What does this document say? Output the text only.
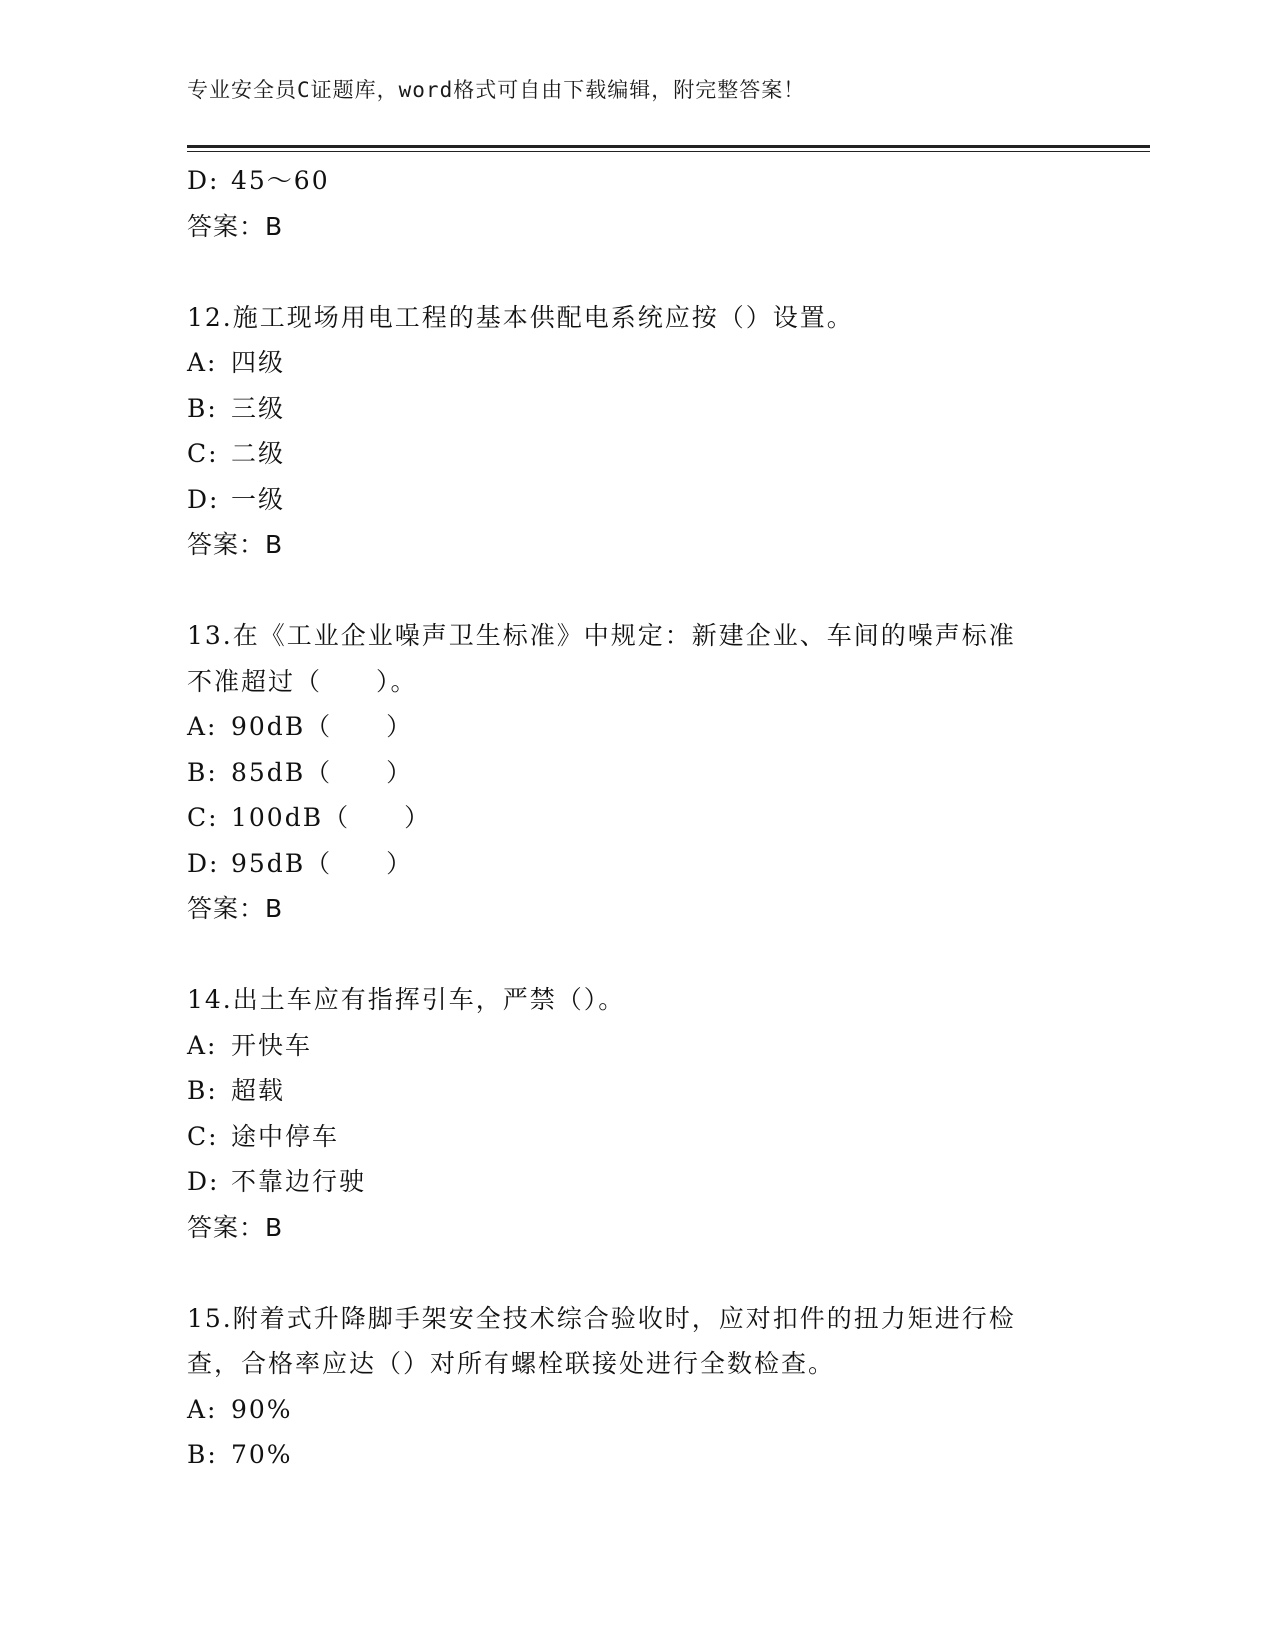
专业安全员C证题库，word格式可自由下载编辑，附完整答案！
D: 45～60
答案：B
12.施工现场用电工程的基本供配电系统应按（）设置。
A: 四级
B: 三级
C: 二级
D: 一级
答案：B
13.在《工业企业噪声卫生标准》中规定：新建企业、车间的噪声标准
不准超过（　　）。
A: 90dB（　　）
B: 85dB（　　）
C: 100dB（　　）
D: 95dB（　　）
答案：B
14.出土车应有指挥引车，严禁（）。
A: 开快车
B: 超载
C: 途中停车
D: 不靠边行驶
答案：B
15.附着式升降脚手架安全技术综合验收时，应对扣件的扭力矩进行检
查，合格率应达（）对所有螺栓联接处进行全数检查。
A: 90%
B: 70%
